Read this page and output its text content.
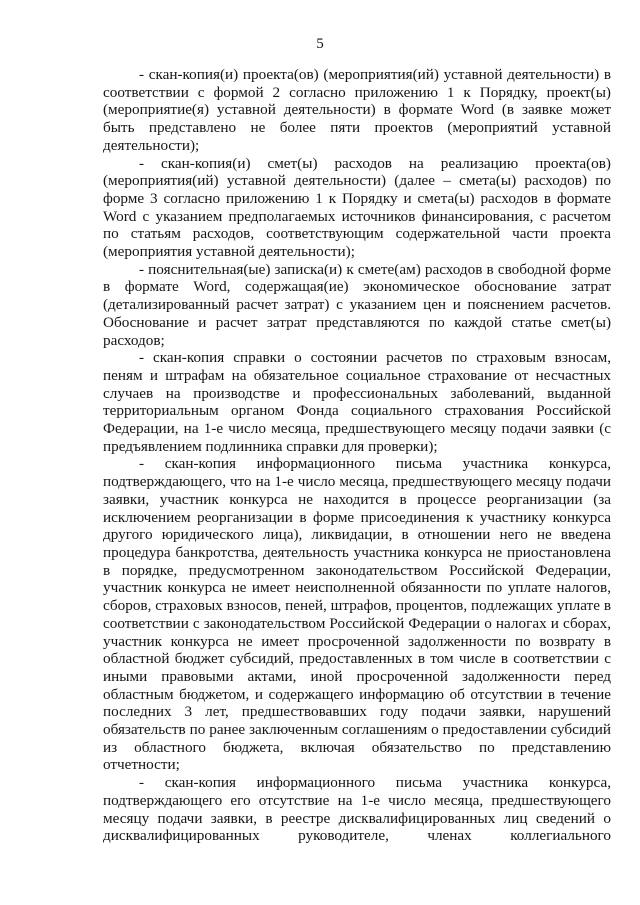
5

- скан-копия(и) проекта(ов) (мероприятия(ий) уставной деятельности) в соответствии с формой 2 согласно приложению 1 к Порядку, проект(ы) (мероприятие(я) уставной деятельности) в формате Word (в заявке может быть представлено не более пяти проектов (мероприятий уставной деятельности);

- скан-копия(и) смет(ы) расходов на реализацию проекта(ов) (мероприятия(ий) уставной деятельности) (далее – смета(ы) расходов) по форме 3 согласно приложению 1 к Порядку и смета(ы) расходов в формате Word с указанием предполагаемых источников финансирования, с расчетом по статьям расходов, соответствующим содержательной части проекта (мероприятия уставной деятельности);

- пояснительная(ые) записка(и) к смете(ам) расходов в свободной форме в формате Word, содержащая(ие) экономическое обоснование затрат (детализированный расчет затрат) с указанием цен и пояснением расчетов. Обоснование и расчет затрат представляются по каждой статье смет(ы) расходов;

- скан-копия справки о состоянии расчетов по страховым взносам, пеням и штрафам на обязательное социальное страхование от несчастных случаев на производстве и профессиональных заболеваний, выданной территориальным органом Фонда социального страхования Российской Федерации, на 1-е число месяца, предшествующего месяцу подачи заявки (с предъявлением подлинника справки для проверки);

- скан-копия информационного письма участника конкурса, подтверждающего, что на 1-е число месяца, предшествующего месяцу подачи заявки, участник конкурса не находится в процессе реорганизации (за исключением реорганизации в форме присоединения к участнику конкурса другого юридического лица), ликвидации, в отношении него не введена процедура банкротства, деятельность участника конкурса не приостановлена в порядке, предусмотренном законодательством Российской Федерации, участник конкурса не имеет неисполненной обязанности по уплате налогов, сборов, страховых взносов, пеней, штрафов, процентов, подлежащих уплате в соответствии с законодательством Российской Федерации о налогах и сборах, участник конкурса не имеет просроченной задолженности по возврату в областной бюджет субсидий, предоставленных в том числе в соответствии с иными правовыми актами, иной просроченной задолженности перед областным бюджетом, и содержащего информацию об отсутствии в течение последних 3 лет, предшествовавших году подачи заявки, нарушений обязательств по ранее заключенным соглашениям о предоставлении субсидий из областного бюджета, включая обязательство по представлению отчетности;

- скан-копия информационного письма участника конкурса, подтверждающего его отсутствие на 1-е число месяца, предшествующего месяцу подачи заявки, в реестре дисквалифицированных лиц сведений о дисквалифицированных руководителе, членах коллегиального
